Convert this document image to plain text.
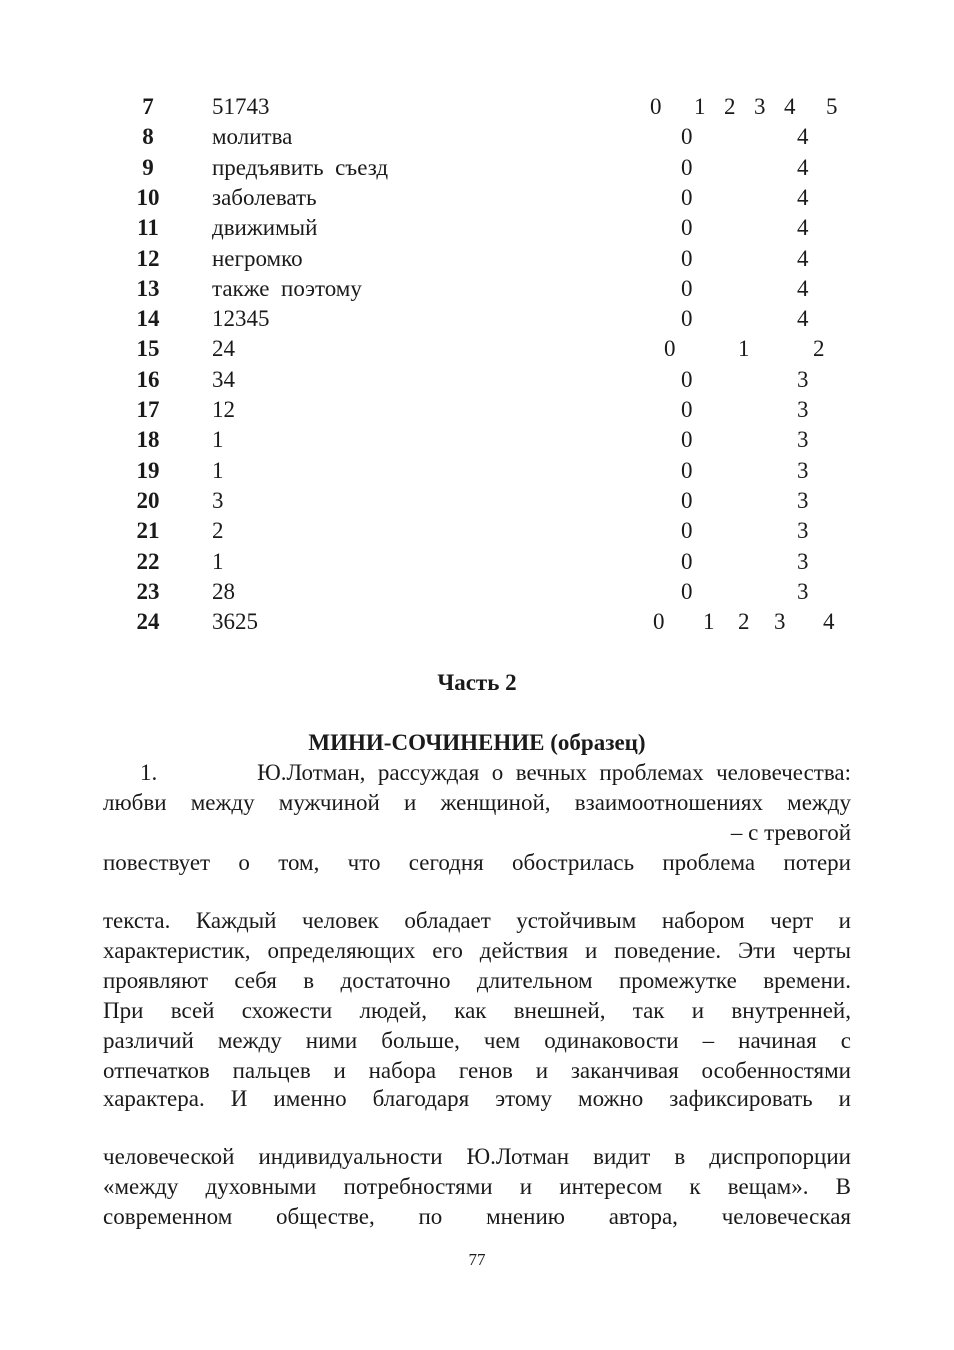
7	51743	0 1 2 3 4 5
8	молитва	0	4
9	предъявить  съезд	0	4
10	заболевать	0	4
11	движимый	0	4
12	негромко	0	4
13	также  поэтому	0	4
14	12345	0	4
15	24	0	1	2
16	34	0	3
17	12	0	3
18	1	0	3
19	1	0	3
20	3	0	3
21	2	0	3
22	1	0	3
23	28	0	3
24	3625	0 1 2 3 4
Часть 2
МИНИ-СОЧИНЕНИЕ (образец)
1.        Ю.Лотман, рассуждая о вечных проблемах человечества:
любви между мужчиной и женщиной, взаимоотношениях между
– с тревогой
повествует о том, что сегодня обострилась проблема потери
текста. Каждый человек обладает устойчивым набором черт и
характеристик, определяющих его действия и поведение. Эти черты
проявляют себя в достаточно длительном промежутке времени.
При всей схожести людей, как внешней, так и внутренней,
различий между ними больше, чем одинаковости – начиная с
отпечатков пальцев и набора генов и заканчивая особенностями
характера. И именно благодаря этому можно зафиксировать и
человеческой индивидуальности Ю.Лотман видит в диспропорции
«между духовными потребностями и интересом к вещам». В
современном обществе, по мнению автора, человеческая
77
